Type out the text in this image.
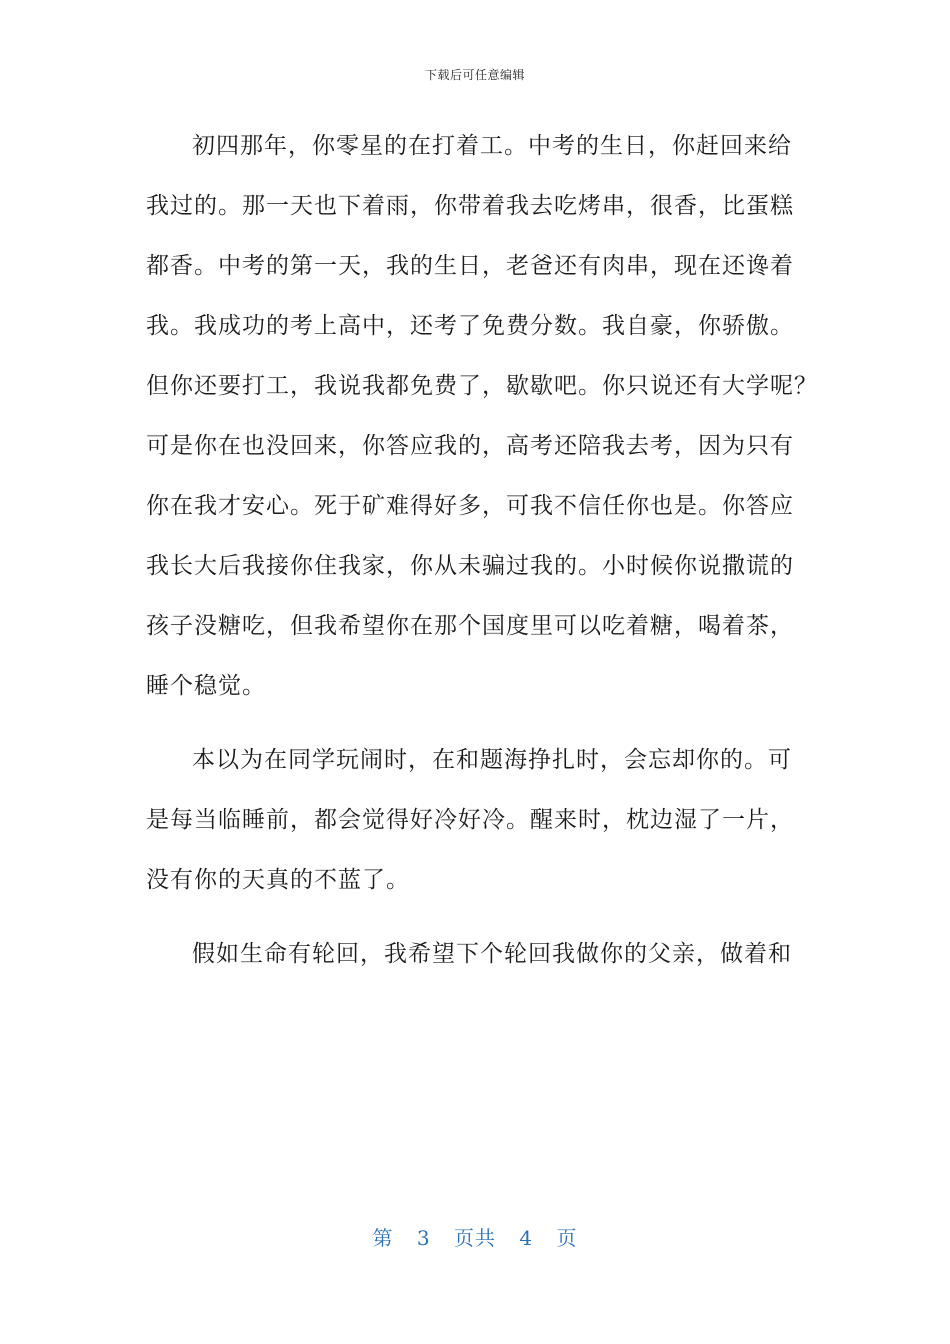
下载后可任意编辑

初四那年，你零星的在打着工。中考的生日，你赶回来给
我过的。那一天也下着雨，你带着我去吃烤串，很香，比蛋糕
都香。中考的第一天，我的生日，老爸还有肉串，现在还谗着
我。我成功的考上高中，还考了免费分数。我自豪，你骄傲。
但你还要打工，我说我都免费了，歇歇吧。你只说还有大学呢？
可是你在也没回来，你答应我的，高考还陪我去考，因为只有
你在我才安心。死于矿难得好多，可我不信任你也是。你答应
我长大后我接你住我家，你从未骗过我的。小时候你说撒谎的
孩子没糖吃，但我希望你在那个国度里可以吃着糖，喝着茶，
睡个稳觉。

本以为在同学玩闹时，在和题海挣扎时，会忘却你的。可
是每当临睡前，都会觉得好冷好冷。醒来时，枕边湿了一片，
没有你的天真的不蓝了。

假如生命有轮回，我希望下个轮回我做你的父亲，做着和

第 3 页共 4 页
